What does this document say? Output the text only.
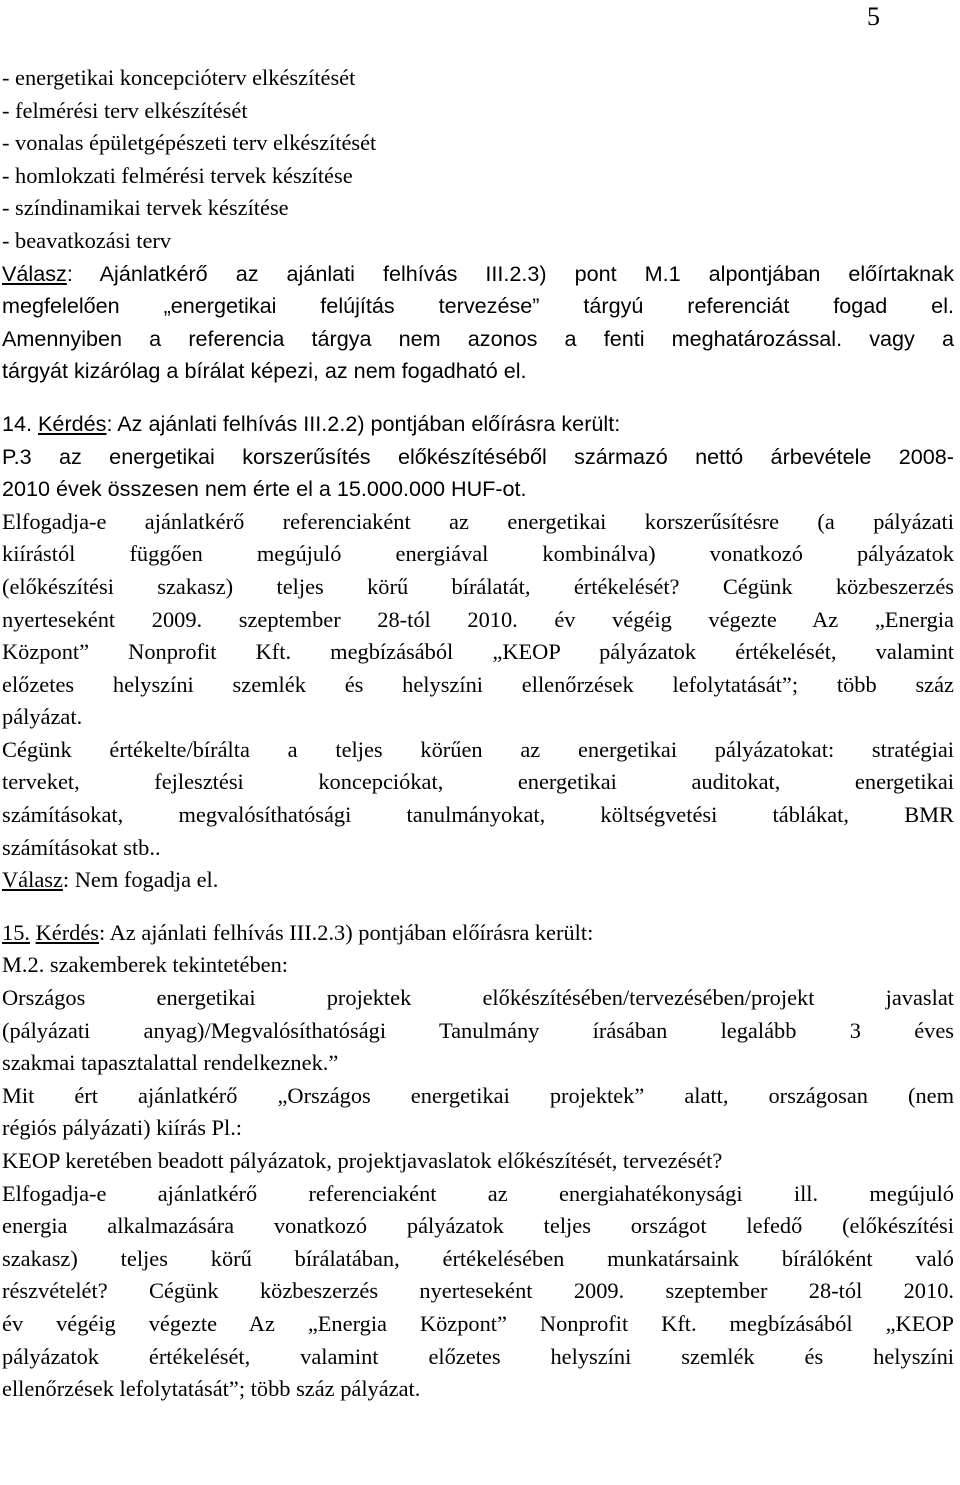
5
- energetikai koncepcióterv elkészítését
- felmérési terv elkészítését
- vonalas épületgépészeti terv elkészítését
- homlokzati felmérési tervek készítése
- színdinamikai tervek készítése
- beavatkozási terv
Válasz: Ajánlatkérő az ajánlati felhívás III.2.3) pont M.1 alpontjában előírtaknak
megfelelően „energetikai felújítás tervezése” tárgyú referenciát fogad el.
Amennyiben a referencia tárgya nem azonos a fenti meghatározással. vagy a
tárgyát kizárólag a bírálat képezi, az nem fogadható el.
14. Kérdés: Az ajánlati felhívás III.2.2) pontjában előírásra került:
P.3 az energetikai korszerűsítés előkészítéséből származó nettó árbevétele 2008-
2010 évek összesen nem érte el a 15.000.000 HUF-ot.
Elfogadja-e ajánlatkérő referenciaként az energetikai korszerűsítésre (a pályázati
kiírástól függően megújuló energiával kombinálva) vonatkozó pályázatok
(előkészítési szakasz) teljes körű bírálatát, értékelését? Cégünk közbeszerzés
nyerteseként 2009. szeptember 28-tól 2010. év végéig végezte Az „Energia
Központ” Nonprofit Kft. megbízásából „KEOP pályázatok értékelését, valamint
előzetes helyszíni szemlék és helyszíni ellenőrzések lefolytatását”; több száz
pályázat.
Cégünk értékelte/bírálta a teljes körűen az energetikai pályázatokat: stratégiai
terveket, fejlesztési koncepciókat, energetikai auditokat, energetikai
számításokat, megvalósíthatósági tanulmányokat, költségvetési táblákat, BMR
számításokat stb..
Válasz: Nem fogadja el.
15. Kérdés: Az ajánlati felhívás III.2.3) pontjában előírásra került:
M.2. szakemberek tekintetében:
Országos energetikai projektek előkészítésében/tervezésében/projekt javaslat
(pályázati anyag)/Megvalósíthatósági Tanulmány írásában legalább 3 éves
szakmai tapasztalattal rendelkeznek.”
Mit ért ajánlatkérő „Országos energetikai projektek” alatt, országosan (nem
régiós pályázati) kiírás Pl.:
KEOP keretében beadott pályázatok, projektjavaslatok előkészítését, tervezését?
Elfogadja-e ajánlatkérő referenciaként az energiahatékonysági ill. megújuló
energia alkalmazására vonatkozó pályázatok teljes országot lefedő (előkészítési
szakasz) teljes körű bírálatában, értékelésében munkatársaink bírálóként való
részvételét? Cégünk közbeszerzés nyerteseként 2009. szeptember 28-tól 2010.
év végéig végezte Az „Energia Központ” Nonprofit Kft. megbízásából „KEOP
pályázatok értékelését, valamint előzetes helyszíni szemlék és helyszíni
ellenőrzések lefolytatását”; több száz pályázat.
